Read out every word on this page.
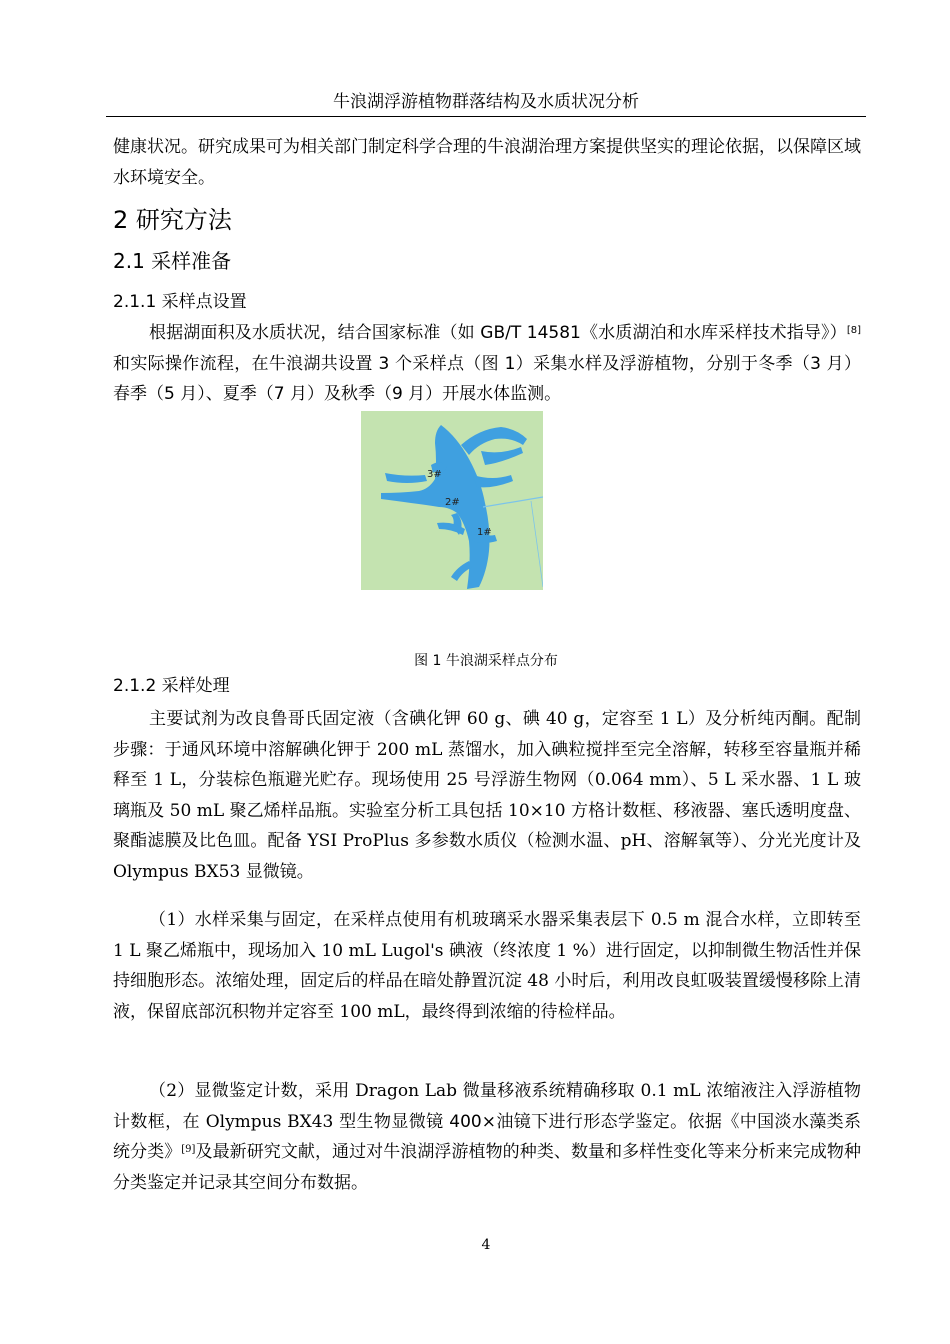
牛浪湖浮游植物群落结构及水质状况分析

健康状况。研究成果可为相关部门制定科学合理的牛浪湖治理方案提供坚实的理论依据，以保障区域水环境安全。

2 研究方法
2.1 采样准备
2.1.1 采样点设置

根据湖面积及水质状况，结合国家标准（如 GB/T 14581《水质湖泊和水库采样技术指导》）[8]和实际操作流程，在牛浪湖共设置 3 个采样点（图 1）采集水样及浮游植物，分别于冬季（3 月）春季（5 月）、夏季（7 月）及秋季（9 月）开展水体监测。

3#
2#
1#
图 1 牛浪湖采样点分布
2.1.2 采样处理

主要试剂为改良鲁哥氏固定液（含碘化钾 60 g、碘 40 g，定容至 1 L）及分析纯丙酮。配制步骤：于通风环境中溶解碘化钾于 200 mL 蒸馏水，加入碘粒搅拌至完全溶解，转移至容量瓶并稀释至 1 L，分装棕色瓶避光贮存。现场使用 25 号浮游生物网（0.064 mm）、5 L 采水器、1 L 玻璃瓶及 50 mL 聚乙烯样品瓶。实验室分析工具包括 10×10 方格计数框、移液器、塞氏透明度盘、聚酯滤膜及比色皿。配备 YSI ProPlus 多参数水质仪（检测水温、pH、溶解氧等）、分光光度计及 Olympus BX53 显微镜。

（1）水样采集与固定，在采样点使用有机玻璃采水器采集表层下 0.5 m 混合水样，立即转至 1 L 聚乙烯瓶中，现场加入 10 mL Lugol's 碘液（终浓度 1 %）进行固定，以抑制微生物活性并保持细胞形态。浓缩处理，固定后的样品在暗处静置沉淀 48 小时后，利用改良虹吸装置缓慢移除上清液，保留底部沉积物并定容至 100 mL，最终得到浓缩的待检样品。

（2）显微鉴定计数，采用 Dragon Lab 微量移液系统精确移取 0.1 mL 浓缩液注入浮游植物计数框，在 Olympus BX43 型生物显微镜 400×油镜下进行形态学鉴定。依据《中国淡水藻类系统分类》[9]及最新研究文献，通过对牛浪湖浮游植物的种类、数量和多样性变化等来分析来完成物种分类鉴定并记录其空间分布数据。

4
